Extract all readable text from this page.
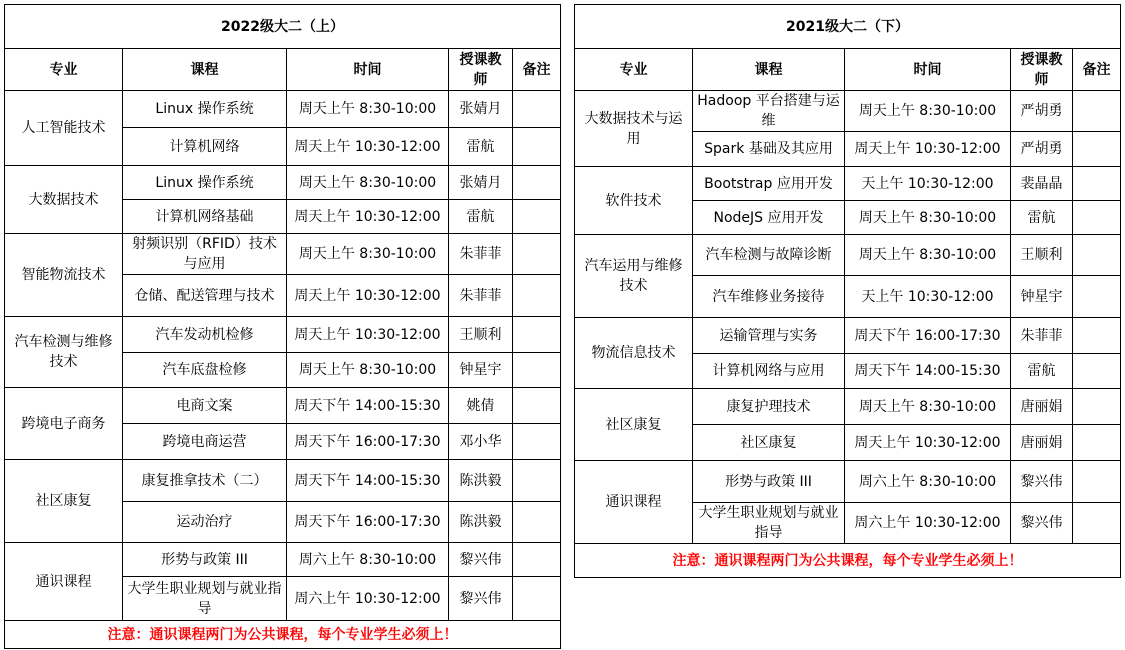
2022级大二（上）				
专业	课程	时间	授课教师	备注
人工智能技术	Linux 操作系统	周天上午 8:30-10:00	张婧月	
	计算机网络	周天上午 10:30-12:00	雷航	
大数据技术	Linux 操作系统	周天上午 8:30-10:00	张婧月	
	计算机网络基础	周天上午 10:30-12:00	雷航	
智能物流技术	射频识别（RFID）技术与应用	周天上午 8:30-10:00	朱菲菲	
	仓储、配送管理与技术	周天上午 10:30-12:00	朱菲菲	
汽车检测与维修技术	汽车发动机检修	周天上午 10:30-12:00	王顺利	
	汽车底盘检修	周天上午 8:30-10:00	钟星宇	
跨境电子商务	电商文案	周天下午 14:00-15:30	姚倩	
	跨境电商运营	周天下午 16:00-17:30	邓小华	
社区康复	康复推拿技术（二）	周天下午 14:00-15:30	陈洪毅	
	运动治疗	周天下午 16:00-17:30	陈洪毅	
通识课程	形势与政策 III	周六上午 8:30-10:00	黎兴伟	
	大学生职业规划与就业指导	周六上午 10:30-12:00	黎兴伟	
注意：通识课程两门为公共课程，每个专业学生必须上！				
2021级大二（下）				
专业	课程	时间	授课教师	备注
大数据技术与运用	Hadoop 平台搭建与运维	周天上午 8:30-10:00	严胡勇	
	Spark 基础及其应用	周天上午 10:30-12:00	严胡勇	
软件技术	Bootstrap 应用开发	天上午 10:30-12:00	裴晶晶	
	NodeJS 应用开发	周天上午 8:30-10:00	雷航	
汽车运用与维修技术	汽车检测与故障诊断	周天上午 8:30-10:00	王顺利	
	汽车维修业务接待	天上午 10:30-12:00	钟星宇	
物流信息技术	运输管理与实务	周天下午 16:00-17:30	朱菲菲	
	计算机网络与应用	周天下午 14:00-15:30	雷航	
社区康复	康复护理技术	周天上午 8:30-10:00	唐丽娟	
	社区康复	周天上午 10:30-12:00	唐丽娟	
通识课程	形势与政策 III	周六上午 8:30-10:00	黎兴伟	
	大学生职业规划与就业指导	周六上午 10:30-12:00	黎兴伟	
注意：通识课程两门为公共课程，每个专业学生必须上！				
